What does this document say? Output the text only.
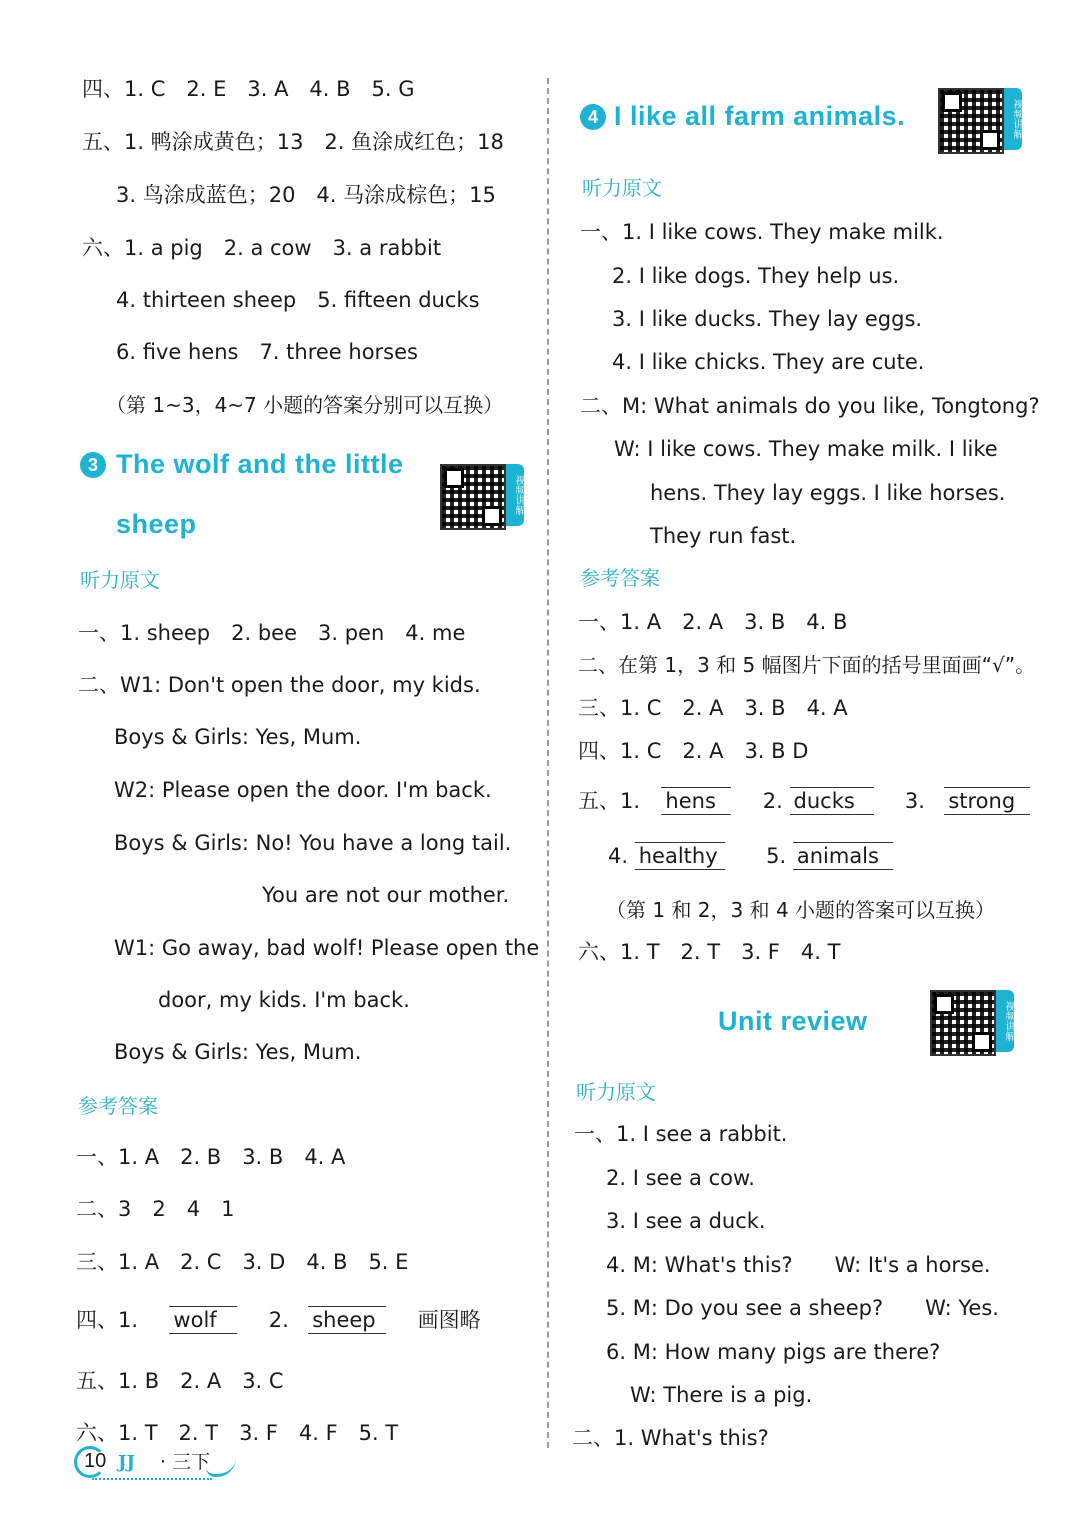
四、1. C　2. E　3. A　4. B　5. G
五、1. 鸭涂成黄色；13　2. 鱼涂成红色；18
3. 鸟涂成蓝色；20　4. 马涂成棕色；15
六、1. a pig　2. a cow　3. a rabbit
4. thirteen sheep　5. fifteen ducks
6. five hens　7. three horses
（第 1~3，4~7 小题的答案分别可以互换）
3 The wolf and the little
sheep
视频讲解
听力原文
一、1. sheep　2. bee　3. pen　4. me
二、W1: Don't open the door, my kids.
Boys & Girls: Yes, Mum.
W2: Please open the door. I'm back.
Boys & Girls: No! You have a long tail.
You are not our mother.
W1: Go away, bad wolf! Please open the
door, my kids. I'm back.
Boys & Girls: Yes, Mum.
参考答案
一、1. A　2. B　3. B　4. A
二、3　2　4　1
三、1. A　2. C　3. D　4. B　5. E
四、1. wolf 2. sheep 画图略
五、1. B　2. A　3. C
六、1. T　2. T　3. F　4. F　5. T
4 I like all farm animals.	视频讲解
听力原文
一、1. I like cows. They make milk.
2. I like dogs. They help us.
3. I like ducks. They lay eggs.
4. I like chicks. They are cute.
二、M: What animals do you like, Tongtong?
W: I like cows. They make milk. I like
hens. They lay eggs. I like horses.
They run fast.
参考答案
一、1. A　2. A　3. B　4. B
二、在第 1，3 和 5 幅图片下面的括号里面画“√”。
三、1. C　2. A　3. B　4. A
四、1. C　2. A　3. B D
五、1. hens 2. ducks 3. strong
4. healthy 5. animals
（第 1 和 2，3 和 4 小题的答案可以互换）
六、1. T　2. T　3. F　4. T
Unit review	视频讲解
听力原文
一、1. I see a rabbit.
2. I see a cow.
3. I see a duck.
4. M: What's this?　　W: It's a horse.
5. M: Do you see a sheep?　　W: Yes.
6. M: How many pigs are there?
W: There is a pig.
二、1. What's this?
10 JJ · 三下
